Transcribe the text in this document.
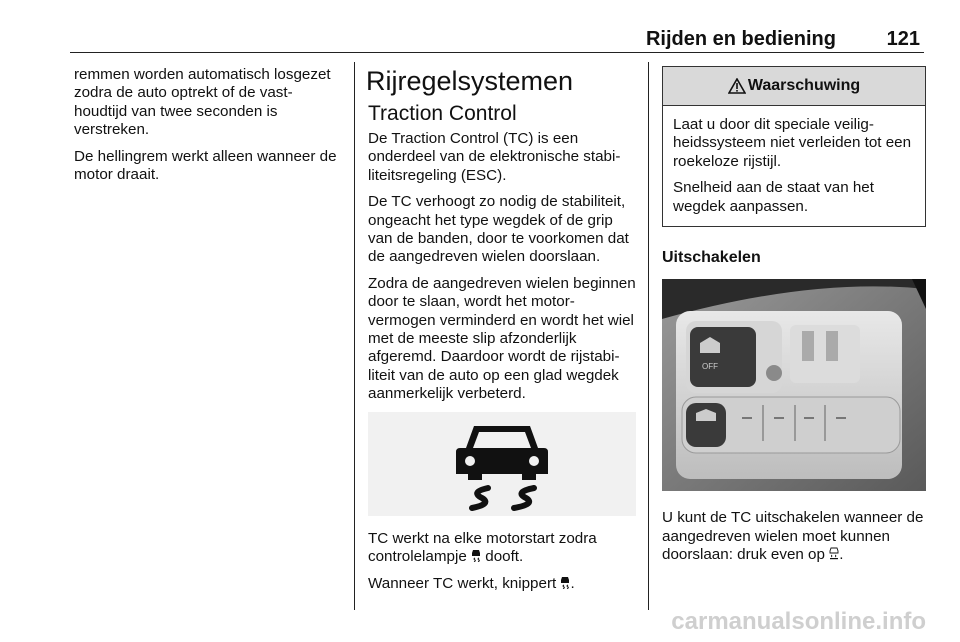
Rijden en bediening	121

remmen worden automatisch losgezet zodra de auto optrekt of de vasthoudtijd van twee seconden is verstreken.

De hellingrem werkt alleen wanneer de motor draait.

Rijregelsystemen
Traction Control

De Traction Control (TC) is een onderdeel van de elektronische stabiliteitsregeling (ESC).

De TC verhoogt zo nodig de stabiliteit, ongeacht het type wegdek of de grip van de banden, door te voorkomen dat de aangedreven wielen doorslaan.

Zodra de aangedreven wielen beginnen door te slaan, wordt het motorvermogen verminderd en wordt het wiel met de meeste slip afzonderlijk afgeremd. Daardoor wordt de rijstabiliteit van de auto op een glad wegdek aanmerkelijk verbeterd.

TC werkt na elke motorstart zodra controlelampje dooft.

Wanneer TC werkt, knippert .

Waarschuwing

Laat u door dit speciale veiligheidssysteem niet verleiden tot een roekeloze rijstijl.

Snelheid aan de staat van het wegdek aanpassen.

Uitschakelen
OFF

U kunt de TC uitschakelen wanneer de aangedreven wielen moet kunnen doorslaan: druk even op .

carmanualsonline.info
